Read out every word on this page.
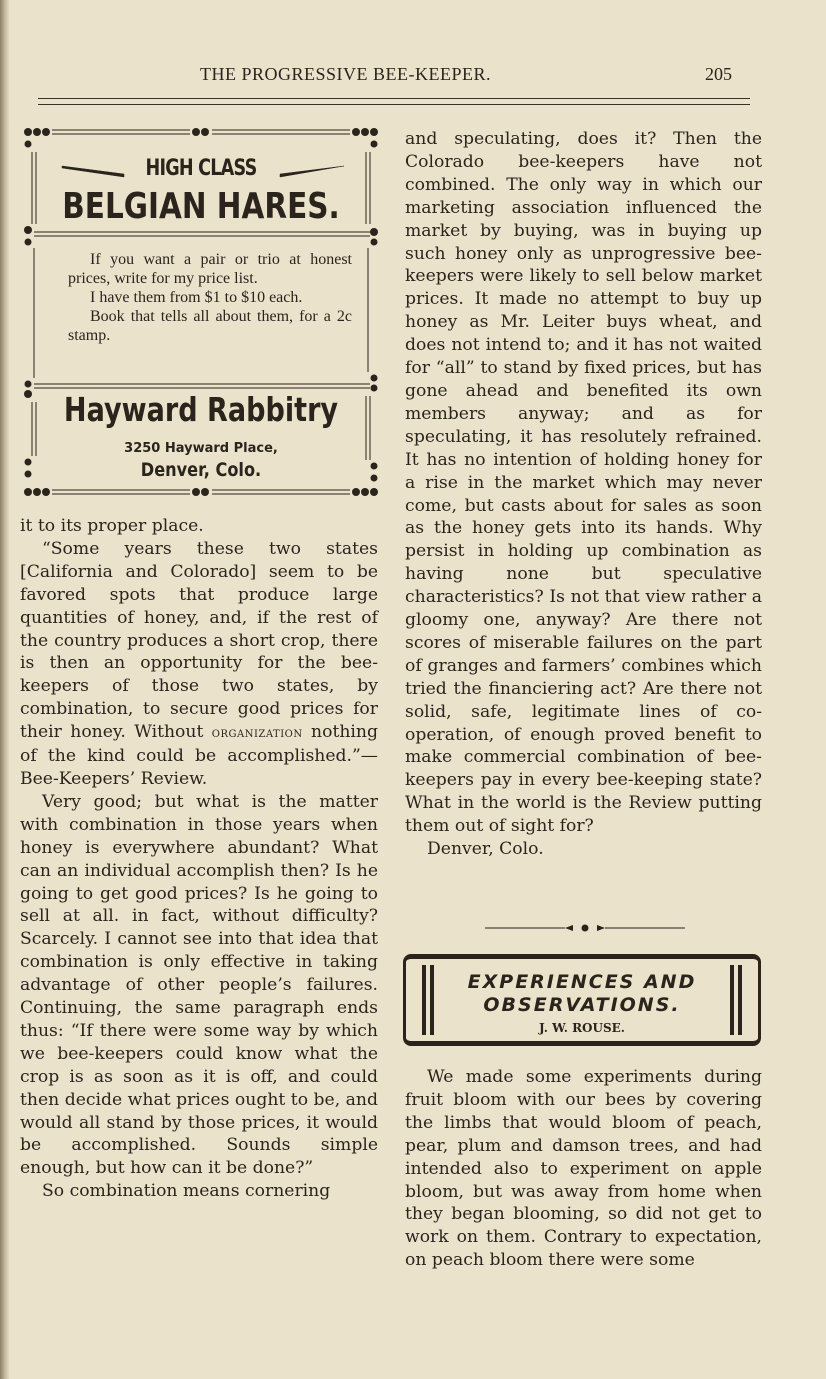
THE PROGRESSIVE BEE-KEEPER.	205
HIGH CLASS
BELGIAN HARES.

If you want a pair or trio at honest prices, write for my price list.

I have them from $1 to $10 each.

Book that tells all about them, for a 2c stamp.

Hayward Rabbitry
3250 Hayward Place,
Denver, Colo.

it to its proper place.

“Some years these two states [California and Colorado] seem to be favored spots that produce large quantities of honey, and, if the rest of the country produces a short crop, there is then an opportunity for the bee-keepers of those two states, by combination, to secure good prices for their honey. Without organization nothing of the kind could be accomplished.”—Bee-Keepers’ Review.

Very good; but what is the matter with combination in those years when honey is everywhere abundant? What can an individual accomplish then? Is he going to get good prices? Is he going to sell at all. in fact, without difficulty? Scarcely. I cannot see into that idea that combination is only effective in taking advantage of other people’s failures. Continuing, the same paragraph ends thus: “If there were some way by which we bee-keepers could know what the crop is as soon as it is off, and could then decide what prices ought to be, and would all stand by those prices, it would be accomplished. Sounds simple enough, but how can it be done?”

So combination means cornering

and speculating, does it? Then the Colorado bee-keepers have not combined. The only way in which our marketing association influenced the market by buying, was in buying up such honey only as unprogressive bee-keepers were likely to sell below market prices. It made no attempt to buy up honey as Mr. Leiter buys wheat, and does not intend to; and it has not waited for “all” to stand by fixed prices, but has gone ahead and benefited its own members anyway; and as for speculating, it has resolutely refrained. It has no intention of holding honey for a rise in the market which may never come, but casts about for sales as soon as the honey gets into its hands. Why persist in holding up combination as having none but speculative characteristics? Is not that view rather a gloomy one, anyway? Are there not scores of miserable failures on the part of granges and farmers’ combines which tried the financiering act? Are there not solid, safe, legitimate lines of co-operation, of enough proved benefit to make commercial combination of bee-keepers pay in every bee-keeping state? What in the world is the Review putting them out of sight for?

Denver, Colo.

EXPERIENCES AND
OBSERVATIONS.
J. W. ROUSE.

We made some experiments during fruit bloom with our bees by covering the limbs that would bloom of peach, pear, plum and damson trees, and had intended also to experiment on apple bloom, but was away from home when they began blooming, so did not get to work on them. Contrary to expectation, on peach bloom there were some
